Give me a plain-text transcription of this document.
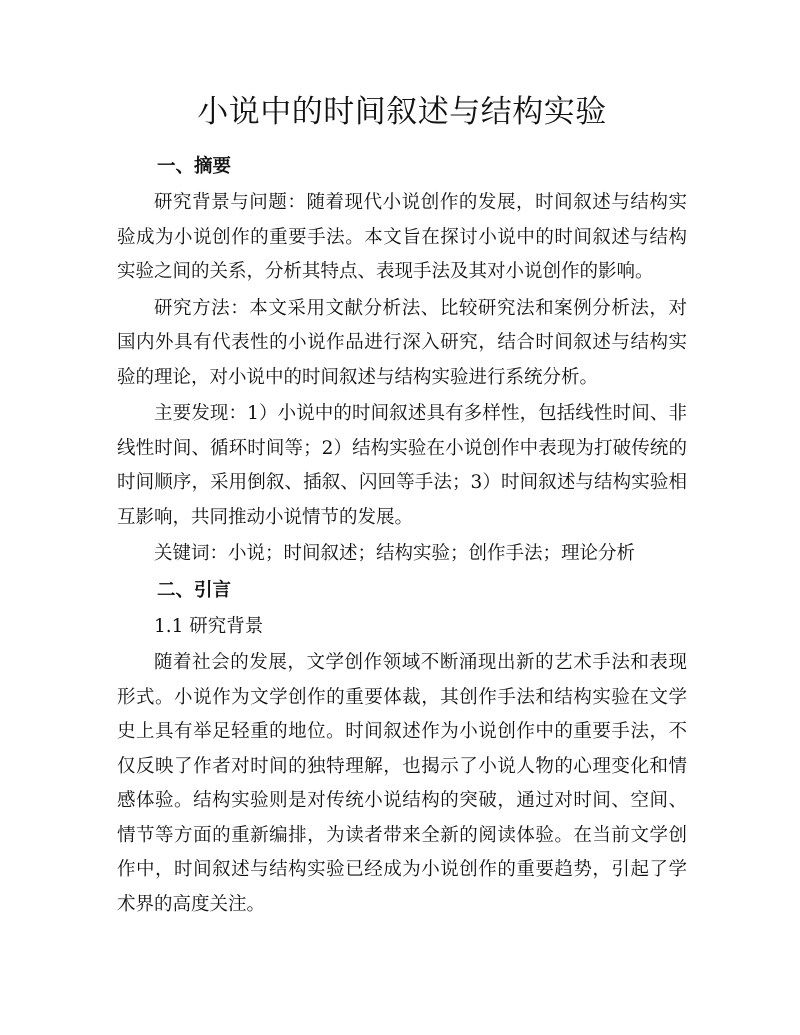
小说中的时间叙述与结构实验
一、摘要

研究背景与问题：随着现代小说创作的发展，时间叙述与结构实验成为小说创作的重要手法。本文旨在探讨小说中的时间叙述与结构实验之间的关系，分析其特点、表现手法及其对小说创作的影响。

研究方法：本文采用文献分析法、比较研究法和案例分析法，对国内外具有代表性的小说作品进行深入研究，结合时间叙述与结构实验的理论，对小说中的时间叙述与结构实验进行系统分析。

主要发现：1）小说中的时间叙述具有多样性，包括线性时间、非线性时间、循环时间等；2）结构实验在小说创作中表现为打破传统的时间顺序，采用倒叙、插叙、闪回等手法；3）时间叙述与结构实验相互影响，共同推动小说情节的发展。

关键词：小说；时间叙述；结构实验；创作手法；理论分析

二、引言
1.1 研究背景

随着社会的发展，文学创作领域不断涌现出新的艺术手法和表现形式。小说作为文学创作的重要体裁，其创作手法和结构实验在文学史上具有举足轻重的地位。时间叙述作为小说创作中的重要手法，不仅反映了作者对时间的独特理解，也揭示了小说人物的心理变化和情感体验。结构实验则是对传统小说结构的突破，通过对时间、空间、情节等方面的重新编排，为读者带来全新的阅读体验。在当前文学创作中，时间叙述与结构实验已经成为小说创作的重要趋势，引起了学术界的高度关注。
